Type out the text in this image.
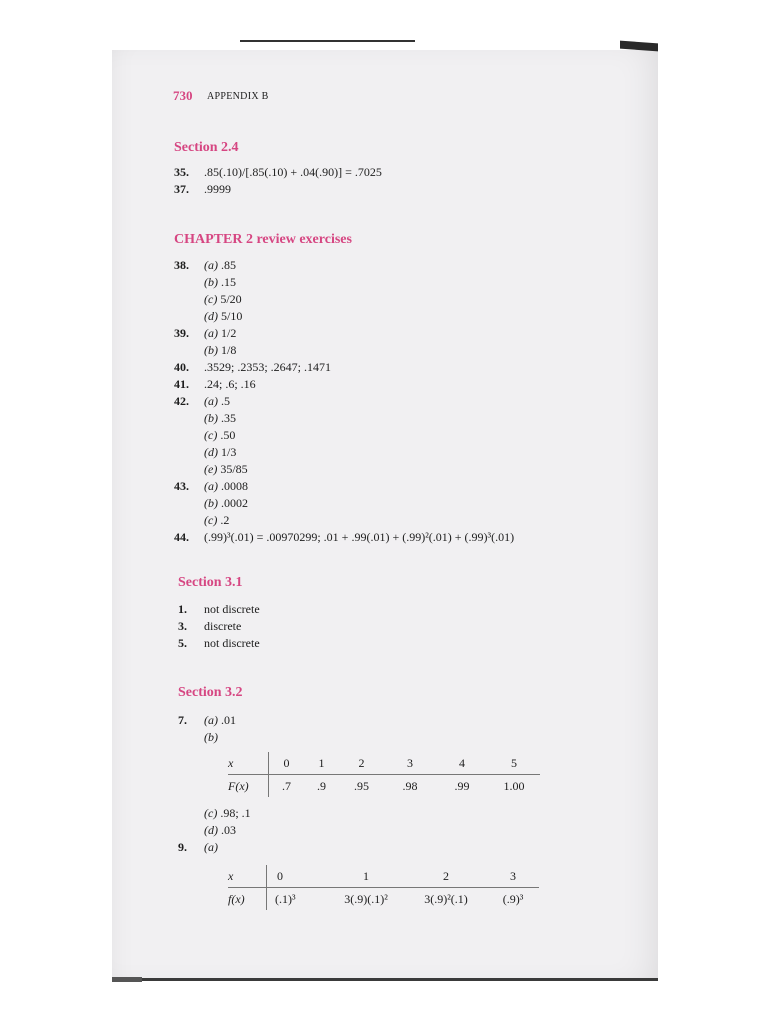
730 APPENDIX B
Section 2.4
35. .85(.10)/[.85(.10) + .04(.90)] = .7025
37. .9999
CHAPTER 2 review exercises
38. (a) .85
(b) .15
(c) 5/20
(d) 5/10
39. (a) 1/2
(b) 1/8
40. .3529; .2353; .2647; .1471
41. .24; .6; .16
42. (a) .5
(b) .35
(c) .50
(d) 1/3
(e) 35/85
43. (a) .0008
(b) .0002
(c) .2
44. (.99)³(.01) = .00970299; .01 + .99(.01) + (.99)²(.01) + (.99)³(.01)
Section 3.1
1. not discrete
3. discrete
5. not discrete
Section 3.2
7. (a) .01
(b)
x	0	1	2	3	4	5
F(x)	.7	.9	.95	.98	.99	1.00
(c) .98; .1
(d) .03
9. (a)
x	0	1	2	3
f(x)	(.1)³	3(.9)(.1)²	3(.9)²(.1)	(.9)³
